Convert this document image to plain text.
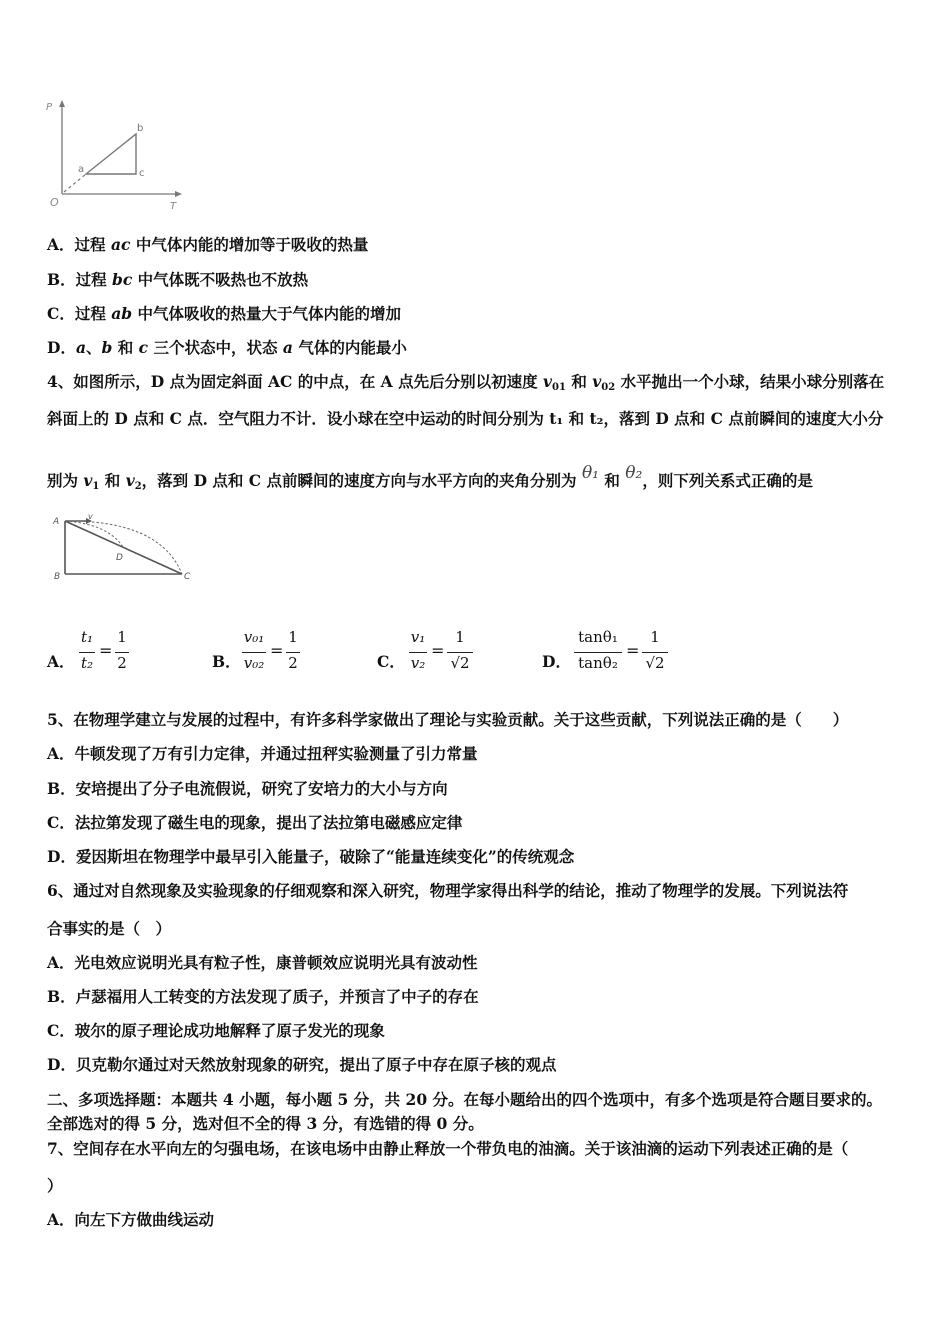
P
T
O
a
b
c
A．过程 ac 中气体内能的增加等于吸收的热量
B．过程 bc 中气体既不吸热也不放热
C．过程 ab 中气体吸收的热量大于气体内能的增加
D．a、b 和 c 三个状态中，状态 a 气体的内能最小
4、如图所示，D 点为固定斜面 AC 的中点，在 A 点先后分别以初速度 $v_{01}$ 和 $v_{02}$ 水平抛出一个小球，结果小球分别落在
斜面上的 D 点和 C 点．空气阻力不计．设小球在空中运动的时间分别为 t₁ 和 t₂，落到 D 点和 C 点前瞬间的速度大小分
别为 $v_1$ 和 $v_2$，落到 D 点和 C 点前瞬间的速度方向与水平方向的夹角分别为 θ₁ 和 θ₂，则下列关系式正确的是
A
v
D
B	C
A．
t₁
t₂
=
1
2	B．
v₀₁
v₀₂
=
1
2	C．
v₁
v₂
=
1
√2	D．
tanθ₁
tanθ₂
=
1
√2
5、在物理学建立与发展的过程中，有许多科学家做出了理论与实验贡献。关于这些贡献，下列说法正确的是（　　）
A．牛顿发现了万有引力定律，并通过扭秤实验测量了引力常量
B．安培提出了分子电流假说，研究了安培力的大小与方向
C．法拉第发现了磁生电的现象，提出了法拉第电磁感应定律
D．爱因斯坦在物理学中最早引入能量子，破除了“能量连续变化”的传统观念
6、通过对自然现象及实验现象的仔细观察和深入研究，物理学家得出科学的结论，推动了物理学的发展。下列说法符
合事实的是（　）
A．光电效应说明光具有粒子性，康普顿效应说明光具有波动性
B．卢瑟福用人工转变的方法发现了质子，并预言了中子的存在
C．玻尔的原子理论成功地解释了原子发光的现象
D．贝克勒尔通过对天然放射现象的研究，提出了原子中存在原子核的观点
二、多项选择题：本题共 4 小题，每小题 5 分，共 20 分。在每小题给出的四个选项中，有多个选项是符合题目要求的。
全部选对的得 5 分，选对但不全的得 3 分，有选错的得 0 分。
7、空间存在水平向左的匀强电场，在该电场中由静止释放一个带负电的油滴。关于该油滴的运动下列表述正确的是（
）
A．向左下方做曲线运动
